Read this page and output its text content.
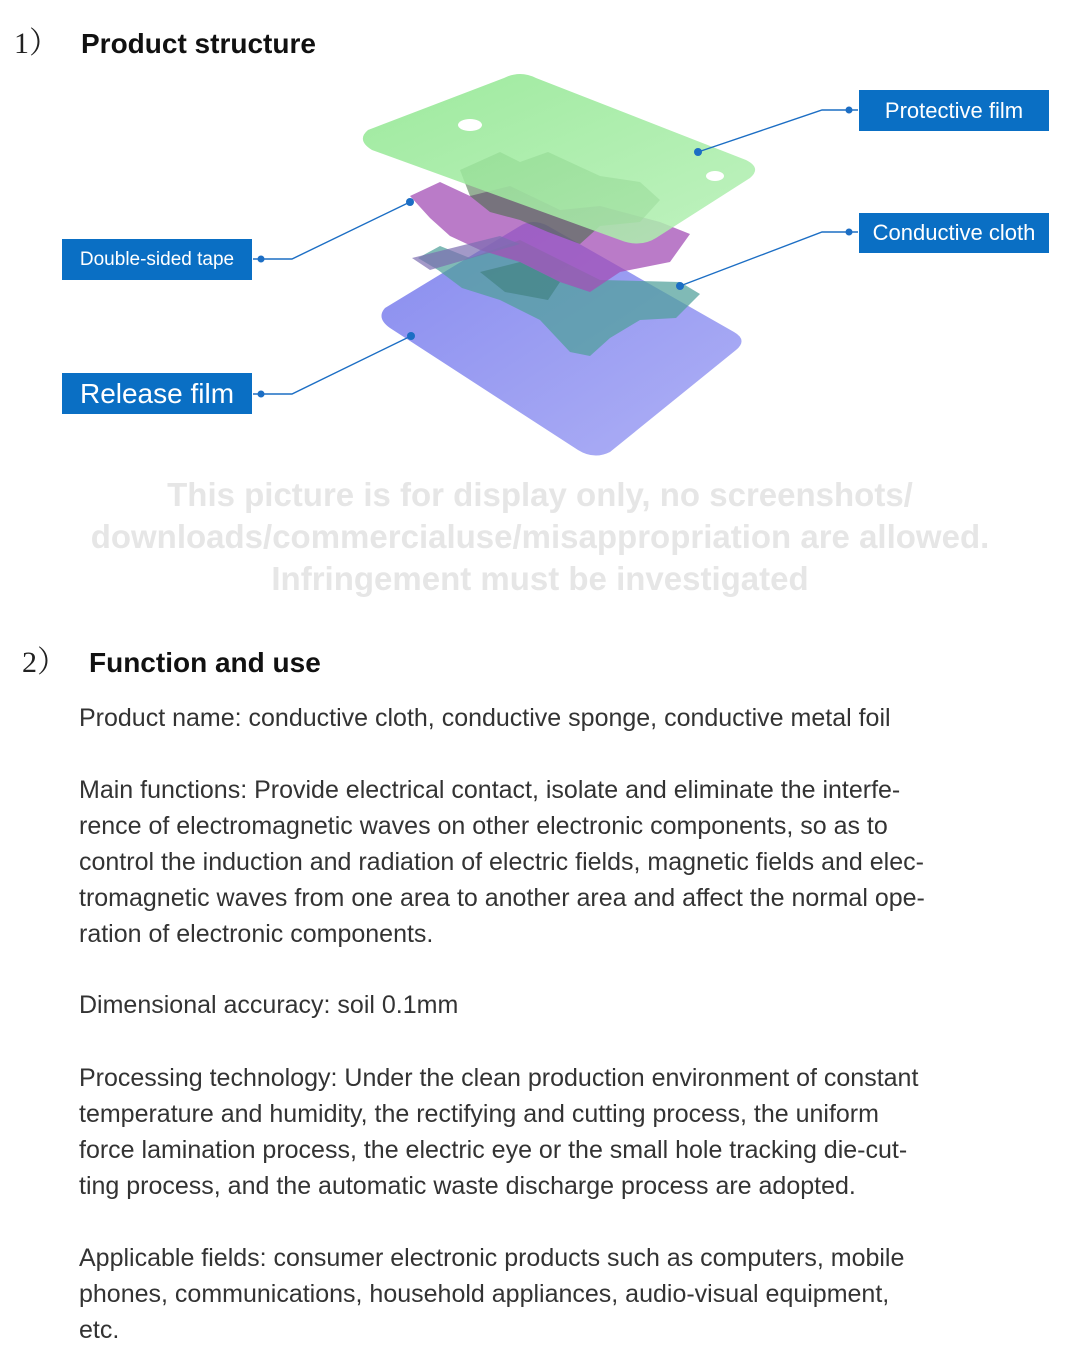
1） Product structure
Protective film
Conductive cloth
Double-sided tape
Release film
This picture is for display only, no screenshots/
downloads/commercialuse/misappropriation are allowed.
Infringement must be investigated
2） Function and use
Product name: conductive cloth, conductive sponge, conductive metal foil
Main functions: Provide electrical contact, isolate and eliminate the interfe-
rence of electromagnetic waves on other electronic components, so as to
control the induction and radiation of electric fields, magnetic fields and elec-
tromagnetic waves from one area to another area and affect the normal ope-
ration of electronic components.
Dimensional accuracy: soil 0.1mm
Processing technology: Under the clean production environment of constant
temperature and humidity, the rectifying and cutting process, the uniform
force lamination process, the electric eye or the small hole tracking die-cut-
ting process, and the automatic waste discharge process are adopted.
Applicable fields: consumer electronic products such as computers, mobile
phones, communications, household appliances, audio-visual equipment,
etc.
